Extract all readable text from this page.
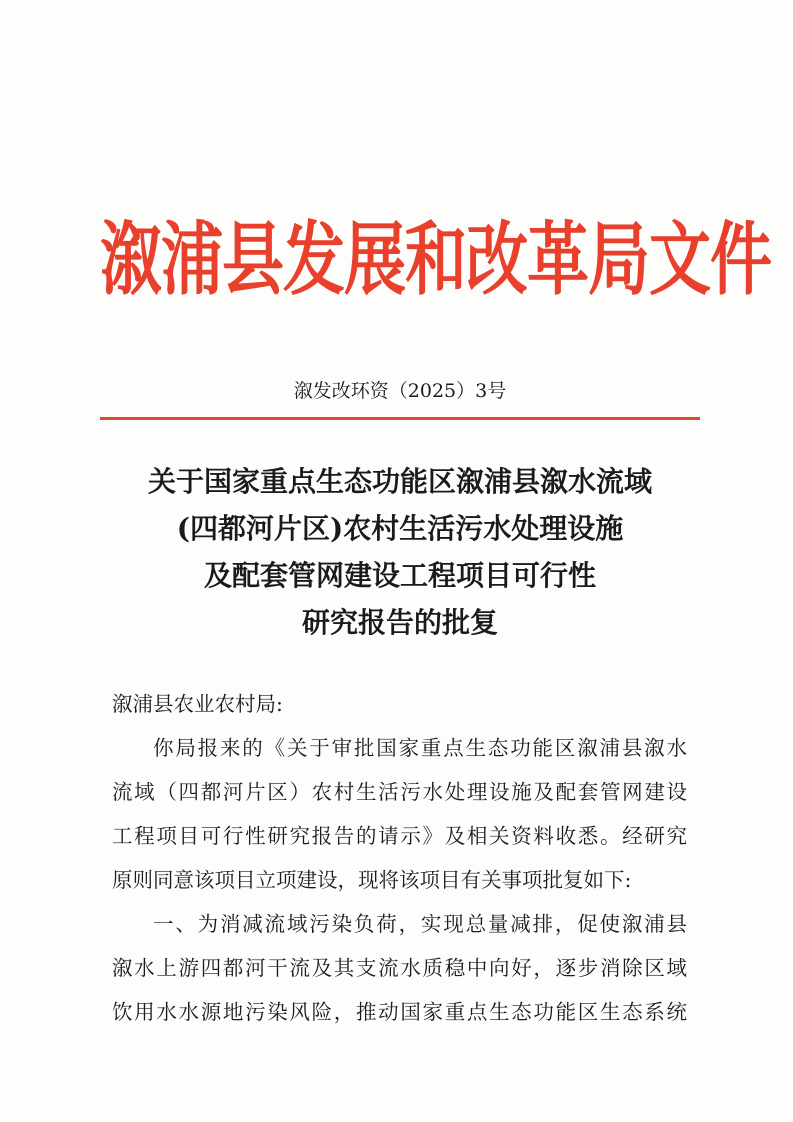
溆浦县发展和改革局文件
溆发改环资（2025）3号
关于国家重点生态功能区溆浦县溆水流域
(四都河片区)农村生活污水处理设施
及配套管网建设工程项目可行性
研究报告的批复
溆浦县农业农村局:
你局报来的《关于审批国家重点生态功能区溆浦县溆水
流域（四都河片区）农村生活污水处理设施及配套管网建设
工程项目可行性研究报告的请示》及相关资料收悉。经研究
原则同意该项目立项建设，现将该项目有关事项批复如下:
一、为消减流域污染负荷，实现总量减排，促使溆浦县
溆水上游四都河干流及其支流水质稳中向好，逐步消除区域
饮用水水源地污染风险，推动国家重点生态功能区生态系统
